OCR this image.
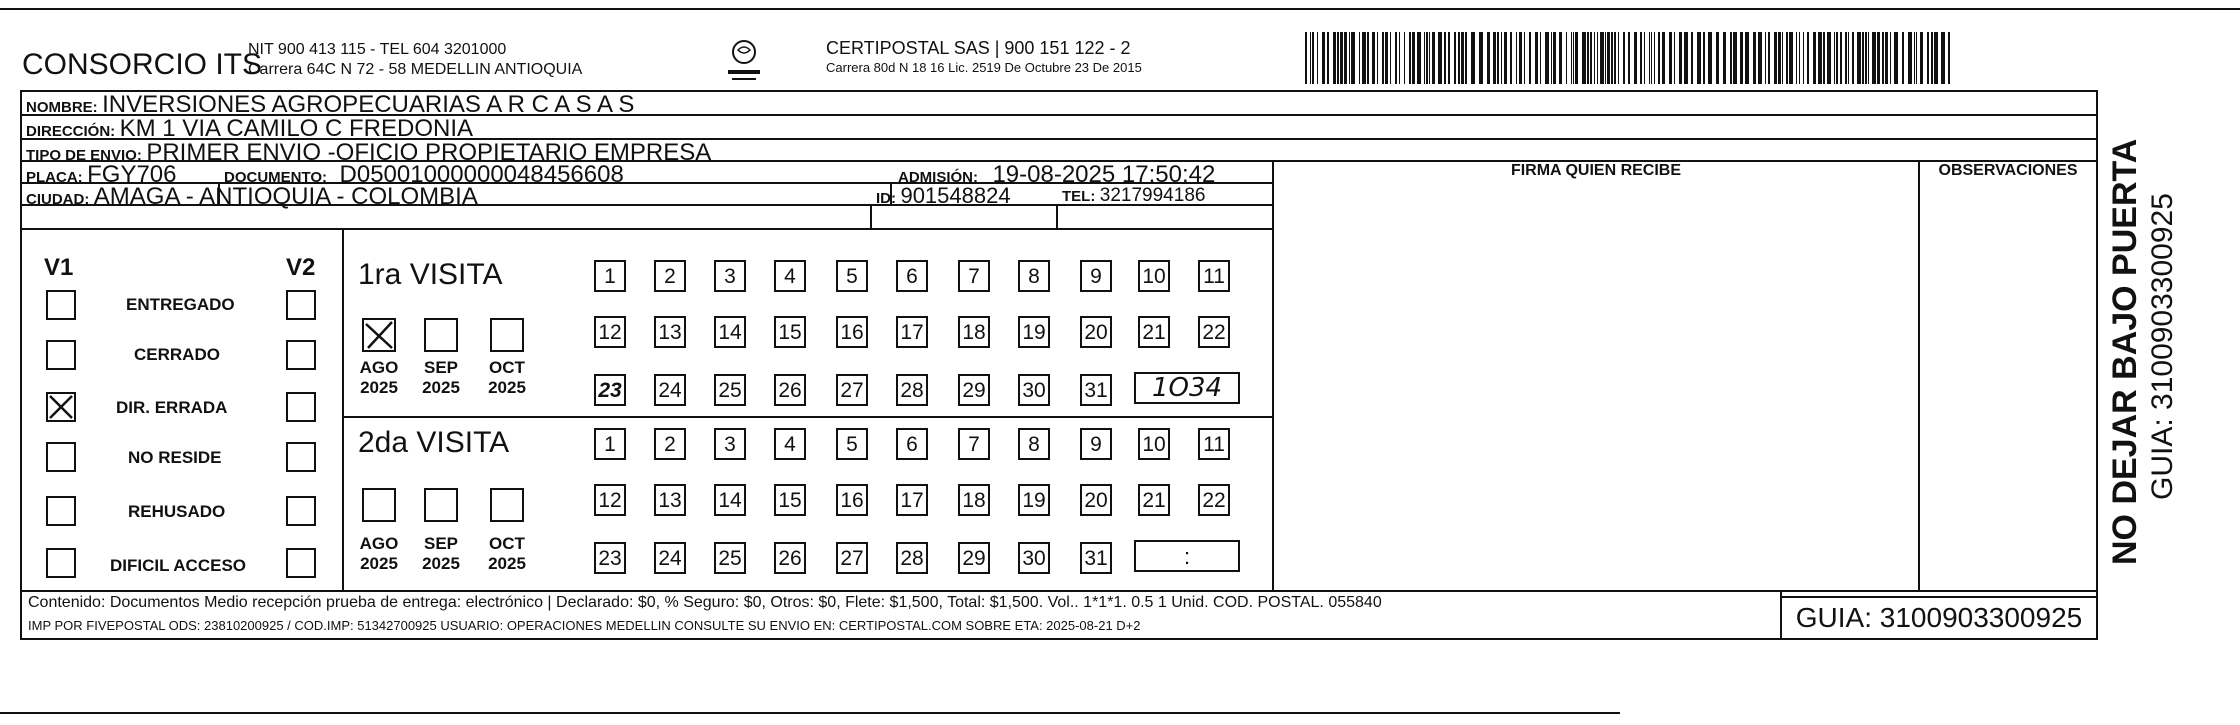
CONSORCIO ITS
NIT 900 413 115 - TEL 604 3201000
Carrera 64C N 72 - 58 MEDELLIN ANTIOQUIA
CERTIPOSTAL SAS | 900 151 122 - 2
Carrera 80d N 18 16 Lic. 2519 De Octubre 23 De 2015
NOMBRE: INVERSIONES AGROPECUARIAS A R C A S A S
DIRECCIÓN: KM 1 VIA CAMILO C FREDONIA
TIPO DE ENVIO: PRIMER ENVIO -OFICIO PROPIETARIO EMPRESA
PLACA: FGY706	DOCUMENTO: D05001000000048456608	ADMISIÓN: 19-08-2025 17:50:42
CIUDAD: AMAGA - ANTIOQUIA - COLOMBIA	ID: 901548824	TEL: 3217994186
FIRMA QUIEN RECIBE	OBSERVACIONES
V1	V2
ENTREGADO
CERRADO
DIR. ERRADA
NO RESIDE
REHUSADO
DIFICIL ACCESO
1ra VISITA
AGO
2025
SEP
2025
OCT
2025
1	2	3	4	5	6	7	8	9	10 11
12 13 14 15 16 17 18 19 20 21 22
23 24 25 26 27 28 29 30 31	1O34
2da VISITA
AGO
2025
SEP
2025
OCT
2025
1	2	3	4	5	6	7	8	9	10 11
12 13 14 15 16 17 18 19 20 21 22
23 24 25 26 27 28 29 30 31	:
Contenido: Documentos Medio recepción prueba de entrega: electrónico | Declarado: $0, % Seguro: $0, Otros: $0, Flete: $1,500, Total: $1,500. Vol.. 1*1*1. 0.5 1 Unid. COD. POSTAL. 055840
IMP POR FIVEPOSTAL ODS: 23810200925 / COD.IMP: 51342700925 USUARIO: OPERACIONES MEDELLIN CONSULTE SU ENVIO EN: CERTIPOSTAL.COM SOBRE ETA: 2025-08-21 D+2	GUIA: 3100903300925
NO DEJAR BAJO PUERTA GUIA: 3100903300925
